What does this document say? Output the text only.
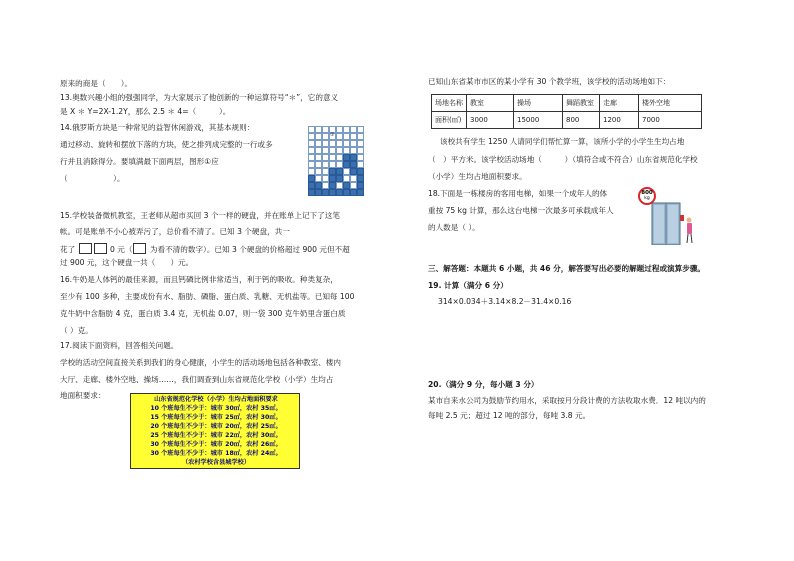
原来的商是（　　）。
13.奥数兴趣小组的强强同学，为大家展示了他创新的一种运算符号“＊”，它的意义
是 X ＊ Y=2X-1.2Y，那么 2.5 ＊ 4=（　　　）。
14.俄罗斯方块是一种常见的益智休闲游戏，其基本规则：
通过移动、旋转和摆放下落的方块，使之排列成完整的一行或多
行并且消除得分。要填满最下面两层，图形①应
（　　　　　　）。
15.学校装备微机教室，王老师从超市买回 3 个一样的硬盘，并在账单上记下了这笔
帐。可是账单不小心被弄污了，总价看不清了。已知 3 个硬盘，共一
花了	0 元（ 为看不清的数字）。已知 3 个硬盘的价格超过 900 元但不超
过 900 元，这个硬盘一共（　　）元。
16.牛奶是人体钙的最佳来源，而且钙磷比例非常适当，利于钙的吸收。种类复杂，
至少有 100 多种，主要成份有水、脂肪、磷脂、蛋白质、乳糖、无机盐等。已知每 100
克牛奶中含脂肪 4 克，蛋白质 3.4 克，无机盐 0.07，则一袋 300 克牛奶里含蛋白质
（ ）克。
17.阅读下面资料，回答相关问题。
学校的活动空间直接关系到我们的身心健康，小学生的活动场地包括各种教室、楼内
大厅、走廊、楼外空地、操场……，我们调查到山东省规范化学校（小学）生均占
地面积要求：
①
山东省规范化学校（小学）生均占地面积要求
10 个班每生不少于：城市 30㎡，农村 35㎡。
15 个班每生不少于：城市 25㎡，农村 30㎡。
20 个班每生不少于：城市 20㎡，农村 25㎡。
25 个班每生不少于：城市 22㎡，农村 30㎡。
30 个班每生不少于：城市 20㎡，农村 26㎡。
30 个班每生不少于：城市 18㎡，农村 24㎡。
（农村学校含县城学校）
已知山东省某市市区的某小学有 30 个教学班，该学校的活动场地如下：
场地名称	教室	操场	舞蹈教室	走廊	楼外空地
面积(㎡)	3000	15000	800	1200	7000
该校共有学生 1250 人请同学们帮忙算一算，该所小学的小学生生均占地
（　）平方米。该学校活动场地（　　　）（填符合或不符合）山东省规范化学校
（小学）生均占地面积要求。
18.下面是一栋楼房的客用电梯，如果一个成年人的体
重按 75 kg 计算，那么这台电梯一次最多可承载成年人
的人数是（ ）。
800
kg
三、解答题：本题共 6 小题，共 46 分，解答要写出必要的解题过程或演算步骤。
19. 计算（满分 6 分）
314×0.034＋3.14×8.2－31.4×0.16
20.（满分 9 分，每小题 3 分）
某市自来水公司为鼓励节约用水，采取按月分段计费的方法收取水费．12 吨以内的
每吨 2.5 元；超过 12 吨的部分，每吨 3.8 元。
